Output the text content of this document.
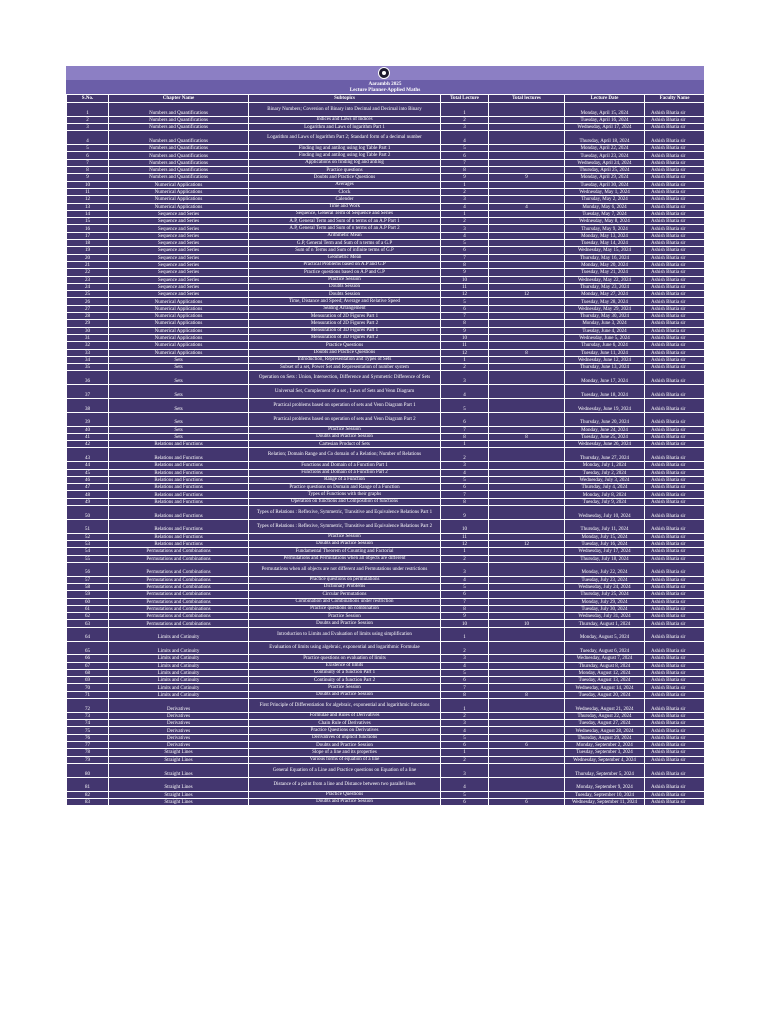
Aarambh 2025
Lecture Planner-Applied Maths
S.No.	Chapter Name	Subtopics	Total Lecture	Total lectures	Lecture Date	Faculty Name
1	Numbers and Quantifications	Binary Numbers; Coversion of Binary into Decimal and Decimal into Binary	1		Monday, April 15, 2024	Ashish Bhatia sir
2	Numbers and Quantifications	Indices and Laws of Indices	2		Tuesday, April 16, 2024	Ashish Bhatia sir
3	Numbers and Quantifications	Logarithm and Laws of logarithm Part 1	3		Wednesday, April 17, 2024	Ashish Bhatia sir
4	Numbers and Quantifications	Logarithm and Laws of logarithm Part 2; Standard form of a decimal number	4		Thursday, April 18, 2024	Ashish Bhatia sir
5	Numbers and Quantifications	Finding log and antilog using log Table Part 1	5		Monday, April 22, 2024	Ashish Bhatia sir
6	Numbers and Quantifications	Finding log and antilog using log Table Part 2	6		Tuesday, April 23, 2024	Ashish Bhatia sir
7	Numbers and Quantifications	Applications on finding log and antilog	7		Wednesday, April 24, 2024	Ashish Bhatia sir
8	Numbers and Quantifications	Practice questions	8		Thursday, April 25, 2024	Ashish Bhatia sir
9	Numbers and Quantifications	Doubts and Practice Questions	9	9	Monday, April 29, 2024	Ashish Bhatia sir
10	Numerical Applications	Averages	1		Tuesday, April 30, 2024	Ashish Bhatia sir
11	Numerical Applications	Clock	2		Wednesday, May 1, 2024	Ashish Bhatia sir
12	Numerical Applications	Calender	3		Thursday, May 2, 2024	Ashish Bhatia sir
13	Numerical Applications	Time and Work	4	4	Monday, May 6, 2024	Ashish Bhatia sir
14	Sequence and Series	Sequence, General Term of Sequence and Series	1		Tuesday, May 7, 2024	Ashish Bhatia sir
15	Sequence and Series	A.P, General Term and Sum of n terms of an A.P Part 1	2		Wednesday, May 8, 2024	Ashish Bhatia sir
16	Sequence and Series	A.P, General Term and Sum of n terms of an A.P Part 2	3		Thursday, May 9, 2024	Ashish Bhatia sir
17	Sequence and Series	Arithmetic Mean	4		Monday, May 13, 2024	Ashish Bhatia sir
18	Sequence and Series	G.P, General Term and Sum of n terms of a G.P	5		Tuesday, May 14, 2024	Ashish Bhatia sir
19	Sequence and Series	Sum of n Terms and Sum of infinite terms of G.P	6		Wednesday, May 15, 2024	Ashish Bhatia sir
20	Sequence and Series	Geometric Mean	7		Thursday, May 16, 2024	Ashish Bhatia sir
21	Sequence and Series	Practical Problems based on A.P and G.P	8		Monday, May 20, 2024	Ashish Bhatia sir
22	Sequence and Series	Practice questions based on A.P and G.P	9		Tuesday, May 21, 2024	Ashish Bhatia sir
23	Sequence and Series	Practice Session	10		Wednesday, May 22, 2024	Ashish Bhatia sir
24	Sequence and Series	Doubts Session	11		Thursday, May 23, 2024	Ashish Bhatia sir
25	Sequence and Series	Doubts Session	12	12	Monday, May 27, 2024	Ashish Bhatia sir
26	Numerical Applications	Time, Distance and Speed; Average and Relative Speed	5		Tuesday, May 28, 2024	Ashish Bhatia sir
27	Numerical Applications	Seating Arrangement	6		Wednesday, May 29, 2024	Ashish Bhatia sir
28	Numerical Applications	Mensuration of 2D Figures Part 1	7		Thursday, May 30, 2024	Ashish Bhatia sir
29	Numerical Applications	Mensuration of 2D Figures Part 2	8		Monday, June 3, 2024	Ashish Bhatia sir
30	Numerical Applications	Mensuration of 3D Figures Part 1	9		Tuesday, June 4, 2024	Ashish Bhatia sir
31	Numerical Applications	Mensuration of 3D Figures Part 2	10		Wednesday, June 5, 2024	Ashish Bhatia sir
32	Numerical Applications	Practice Questions	11		Thursday, June 6, 2024	Ashish Bhatia sir
33	Numerical Applications	Doubts and Practice Questions	12	8	Tuesday, June 11, 2024	Ashish Bhatia sir
34	Sets	Introduction, Representation and Types of Sets	1		Wednesday, June 12, 2024	Ashish Bhatia sir
35	Sets	Subset of a set, Power Set and Representation of number system	2		Thursday, June 13, 2024	Ashish Bhatia sir
36	Sets	Operation on Sets : Union, Intersection, Difference and Symmetric Difference of Sets	3		Monday, June 17, 2024	Ashish Bhatia sir
37	Sets	Universal Set, Complement of a set , Laws of Sets and Venn Diagram	4		Tuesday, June 18, 2024	Ashish Bhatia sir
38	Sets	Practical problems based on operation of sets and Venn Diagram Part 1	5		Wednesday, June 19, 2024	Ashish Bhatia sir
39	Sets	Practical problems based on operation of sets and Venn Diagram Part 2	6		Thursday, June 20, 2024	Ashish Bhatia sir
40	Sets	Practice Session	7		Monday, June 24, 2024	Ashish Bhatia sir
41	Sets	Doubts and Practice Session	8	8	Tuesday, June 25, 2024	Ashish Bhatia sir
42	Relations and Functions	Cartesian Product of Sets	1		Wednesday, June 26, 2024	Ashish Bhatia sir
43	Relations and Functions	Relation; Domain Range and Co domain of a Relation; Number of Relations	2		Thursday, June 27, 2024	Ashish Bhatia sir
44	Relations and Functions	Functions and Domain of a Function Part 1	3		Monday, July 1, 2024	Ashish Bhatia sir
45	Relations and Functions	Functions and Domain of a Function Part 2	4		Tuesday, July 2, 2024	Ashish Bhatia sir
46	Relations and Functions	Range of a Function	5		Wednesday, July 3, 2024	Ashish Bhatia sir
47	Relations and Functions	Practice questions on Domain and Range of a Function	6		Thursday, July 4, 2024	Ashish Bhatia sir
48	Relations and Functions	Types of Functions with their graphs	7		Monday, July 8, 2024	Ashish Bhatia sir
49	Relations and Functions	Operation on functions and Composition of functions	8		Tuesday, July 9, 2024	Ashish Bhatia sir
50	Relations and Functions	Types of Relations : Reflexive, Symmetric, Transitive and Equivalence Relations Part 1	9		Wednesday, July 10, 2024	Ashish Bhatia sir
51	Relations and Functions	Types of Relations : Reflexive, Symmetric, Transitive and Equivalence Relations Part 2	10		Thursday, July 11, 2024	Ashish Bhatia sir
52	Relations and Functions	Practice Session	11		Monday, July 15, 2024	Ashish Bhatia sir
53	Relations and Functions	Doubts and Practice Session	12	12	Tuesday, July 16, 2024	Ashish Bhatia sir
54	Permutations and Combinations	Fundamental Theorem of Counting and Factorial	1		Wednesday, July 17, 2024	Ashish Bhatia sir
55	Permutations and Combinations	Permutations and Permutations when all objects are different	2		Thursday, July 18, 2024	Ashish Bhatia sir
56	Permutations and Combinations	Permutations when all objects are not different and Permutations under restrictions	3		Monday, July 22, 2024	Ashish Bhatia sir
57	Permutations and Combinations	Practice questions on permutations	4		Tuesday, July 23, 2024	Ashish Bhatia sir
58	Permutations and Combinations	Dictionary Problems	5		Wednesday, July 24, 2024	Ashish Bhatia sir
59	Permutations and Combinations	Circular Permutations	6		Thursday, July 25, 2024	Ashish Bhatia sir
60	Permutations and Combinations	Combination and Combinations under restriction	7		Monday, July 29, 2024	Ashish Bhatia sir
61	Permutations and Combinations	Practice questions on combination	8		Tuesday, July 30, 2024	Ashish Bhatia sir
62	Permutations and Combinations	Practice Session	9		Wednesday, July 31, 2024	Ashish Bhatia sir
63	Permutations and Combinations	Doubts and Practice Session	10	10	Thursday, August 1, 2024	Ashish Bhatia sir
64	Limits and Cotinuity	Introduction to Limits and Evaluation of limits using simplification	1		Monday, August 5, 2024	Ashish Bhatia sir
65	Limits and Cotinuity	Evaluation of limits using algebraic, exponential and logarithmic Formulae	2		Tuesday, August 6, 2024	Ashish Bhatia sir
66	Limits and Cotinuity	Practice questions on evaluation of limits	3		Wednesday, August 7, 2024	Ashish Bhatia sir
67	Limits and Cotinuity	Existence of limits	4		Thursday, August 8, 2024	Ashish Bhatia sir
68	Limits and Cotinuity	Continuity of a function Part 1	5		Monday, August 12, 2024	Ashish Bhatia sir
69	Limits and Cotinuity	Continuity of a function Part 2	6		Tuesday, August 13, 2024	Ashish Bhatia sir
70	Limits and Cotinuity	Practice Session	7		Wednesday, August 14, 2024	Ashish Bhatia sir
71	Limits and Cotinuity	Doubts and Practice Session	8	8	Tuesday, August 20, 2024	Ashish Bhatia sir
72	Derivatives	First Principle of Differentiation for algebraic, exponential and logarithmic functions	1		Wednesday, August 21, 2024	Ashish Bhatia sir
73	Derivatives	Formulae and Rules of Derivatives	2		Thursday, August 22, 2024	Ashish Bhatia sir
74	Derivatives	Chain Rule of Derivatives	3		Tuesday, August 27, 2024	Ashish Bhatia sir
75	Derivatives	Practice Questions on Derivatives	4		Wednesday, August 28, 2024	Ashish Bhatia sir
76	Derivatives	Derivatives of implicit functions	5		Thursday, August 29, 2024	Ashish Bhatia sir
77	Derivatives	Doubts and Practice Session	6	6	Monday, September 2, 2024	Ashish Bhatia sir
78	Straight Lines	Slope of a line and its properties	1		Tuesday, September 3, 2024	Ashish Bhatia sir
79	Straight Lines	Various forms of equation of a line	2		Wednesday, September 4, 2024	Ashish Bhatia sir
80	Straight Lines	General Equation of a Line and Practice questions on Equation of a line	3		Thursday, September 5, 2024	Ashish Bhatia sir
81	Straight Lines	Distance of a point from a line and Distance between two parallel lines	4		Monday, September 9, 2024	Ashish Bhatia sir
82	Straight Lines	Practice Questions	5		Tuesday, September 10, 2024	Ashish Bhatia sir
83	Straight Lines	Doubts and Practice Session	6	6	Wednesday, September 11, 2024	Ashish Bhatia sir
